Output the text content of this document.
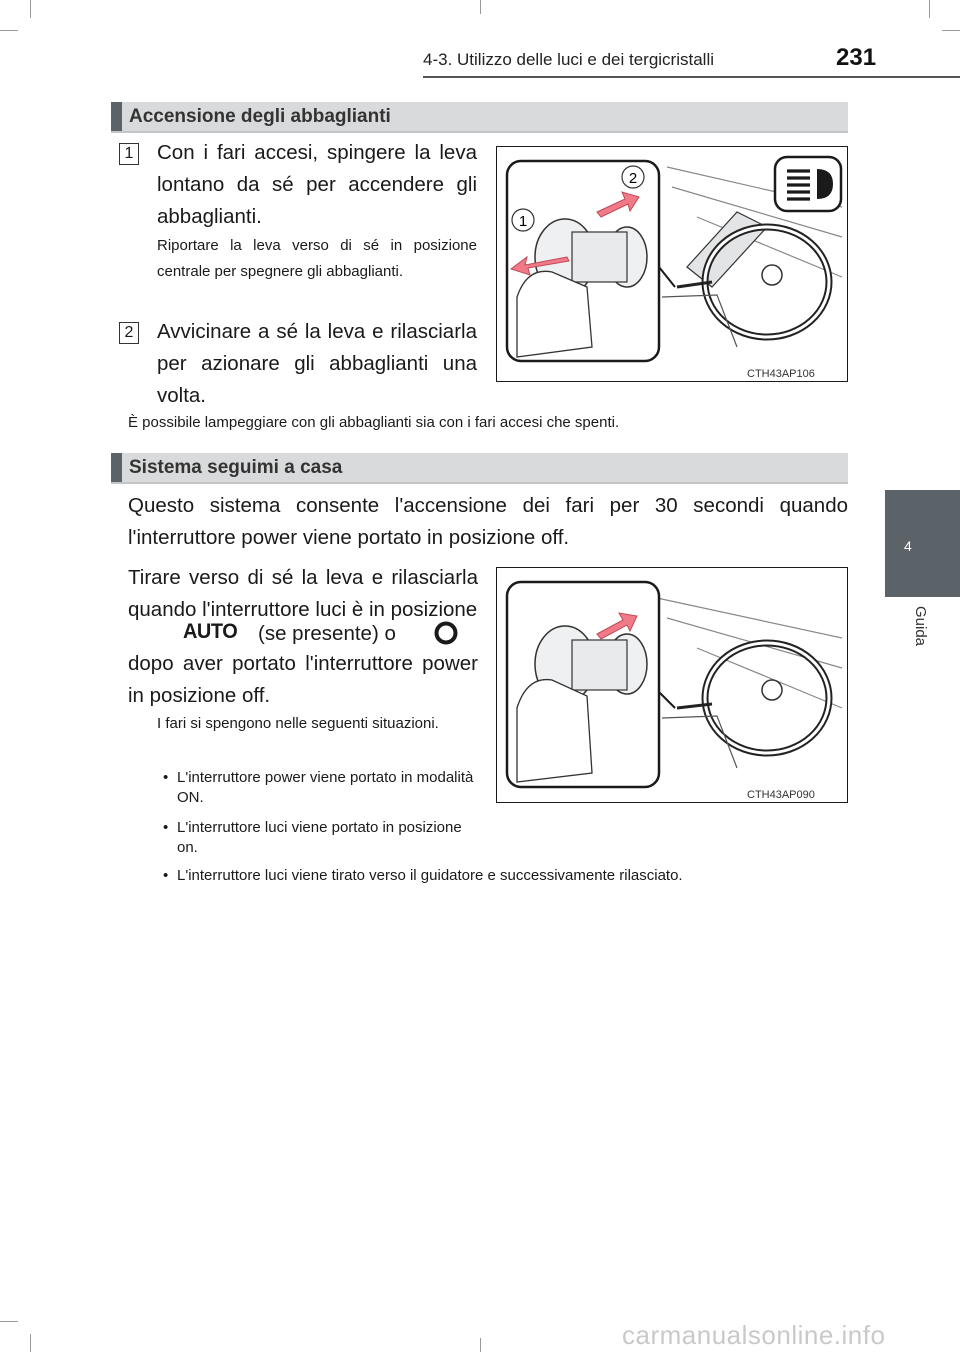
4-3. Utilizzo delle luci e dei tergicristalli	231
4
Guida
Accensione degli abbaglianti
1 Con i fari accesi, spingere la leva lontano da sé per accendere gli abbaglianti.
Riportare la leva verso di sé in posizione centrale per spegnere gli abbaglianti.
2 Avvicinare a sé la leva e rilasciarla per azionare gli abbaglianti una volta.
È possibile lampeggiare con gli abbaglianti sia con i fari accesi che spenti.
2
1
CTH43AP106
Sistema seguimi a casa
Questo sistema consente l'accensione dei fari per 30 secondi quando l'interruttore power viene portato in posizione off.
Tirare verso di sé la leva e rilasciarla quando l'interruttore luci è in posizione
AUTO (se presente) o
dopo aver portato l'interruttore power in posizione off.
I fari si spengono nelle seguenti situazioni.
• L'interruttore power viene portato in modalità ON.
• L'interruttore luci viene portato in posizione on.
• L'interruttore luci viene tirato verso il guidatore e successivamente rilasciato.
CTH43AP090
carmanualsonline.info
